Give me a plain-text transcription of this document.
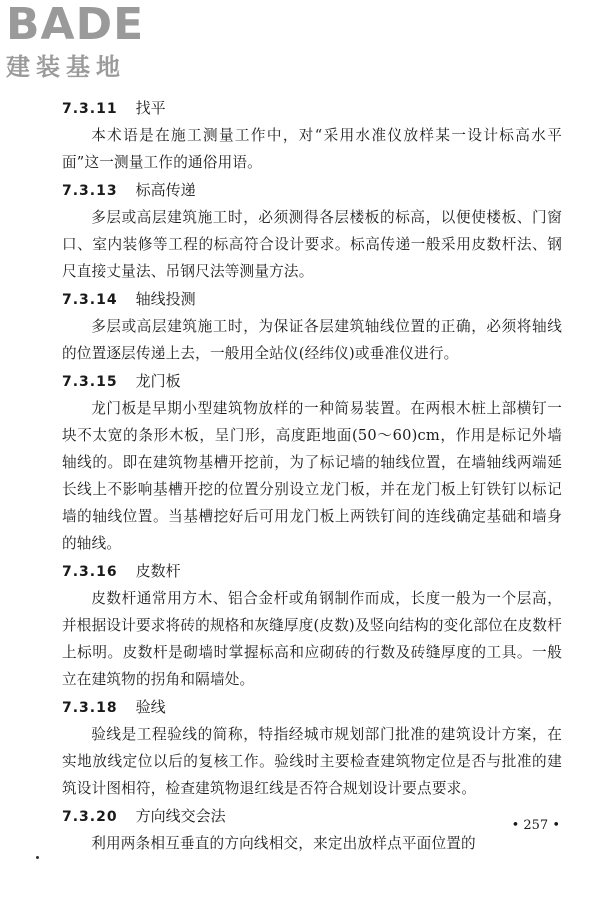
BADE
建装基地
7.3.11 找平

本术语是在施工测量工作中，对“采用水准仪放样某一设计标高水平面”这一测量工作的通俗用语。

7.3.13 标高传递

多层或高层建筑施工时，必须测得各层楼板的标高，以便使楼板、门窗口、室内装修等工程的标高符合设计要求。标高传递一般采用皮数杆法、钢尺直接丈量法、吊钢尺法等测量方法。

7.3.14 轴线投测

多层或高层建筑施工时，为保证各层建筑轴线位置的正确，必须将轴线的位置逐层传递上去，一般用全站仪(经纬仪)或垂准仪进行。

7.3.15 龙门板

龙门板是早期小型建筑物放样的一种简易装置。在两根木桩上部横钉一块不太宽的条形木板，呈门形，高度距地面(50～60)cm，作用是标记外墙轴线的。即在建筑物基槽开挖前，为了标记墙的轴线位置，在墙轴线两端延长线上不影响基槽开挖的位置分别设立龙门板，并在龙门板上钉铁钉以标记墙的轴线位置。当基槽挖好后可用龙门板上两铁钉间的连线确定基础和墙身的轴线。

7.3.16 皮数杆

皮数杆通常用方木、铝合金杆或角钢制作而成，长度一般为一个层高，并根据设计要求将砖的规格和灰缝厚度(皮数)及竖向结构的变化部位在皮数杆上标明。皮数杆是砌墙时掌握标高和应砌砖的行数及砖缝厚度的工具。一般立在建筑物的拐角和隔墙处。

7.3.18 验线

验线是工程验线的简称，特指经城市规划部门批准的建筑设计方案，在实地放线定位以后的复核工作。验线时主要检查建筑物定位是否与批准的建筑设计图相符，检查建筑物退红线是否符合规划设计要点要求。

7.3.20 方向线交会法

利用两条相互垂直的方向线相交，来定出放样点平面位置的

• 257 •
